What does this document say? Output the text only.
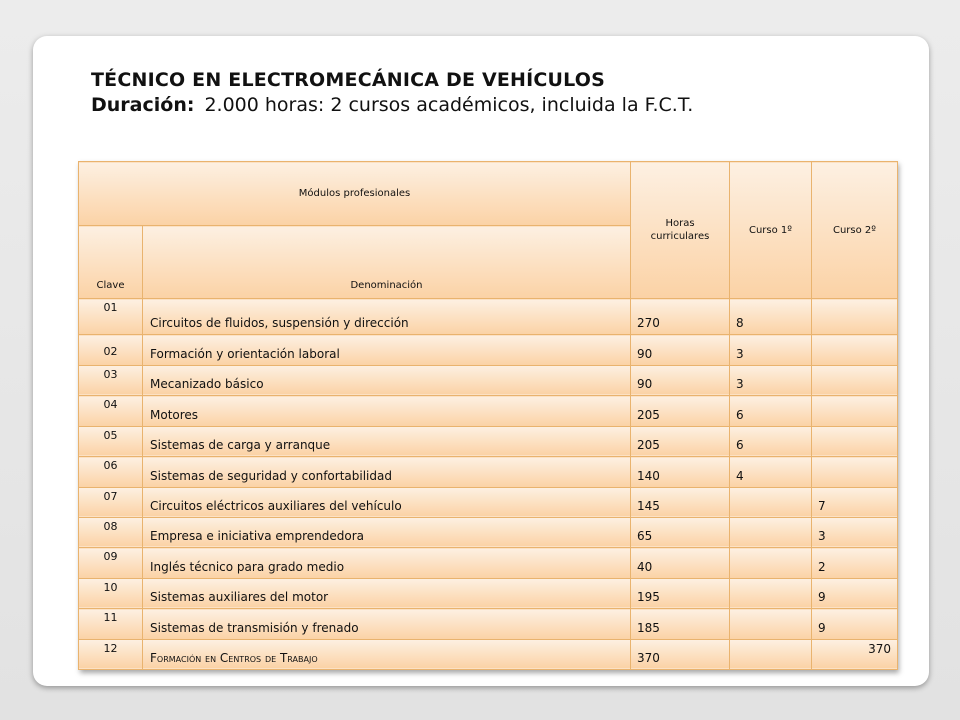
TÉCNICO EN ELECTROMECÁNICA DE VEHÍCULOS
Duración: 2.000 horas: 2 cursos académicos, incluida la F.C.T.
Módulos profesionales		Horas curriculares	Curso 1º	Curso 2º
Clave	Denominación			
01	Circuitos de fluidos, suspensión y dirección	270	8	
02	Formación y orientación laboral	90	3	
03	Mecanizado básico	90	3	
04	Motores	205	6	
05	Sistemas de carga y arranque	205	6	
06	Sistemas de seguridad y confortabilidad	140	4	
07	Circuitos eléctricos auxiliares del vehículo	145		7
08	Empresa e iniciativa emprendedora	65		3
09	Inglés técnico para grado medio	40		2
10	Sistemas auxiliares del motor	195		9
11	Sistemas de transmisión y frenado	185		9
12	Formación en Centros de Trabajo	370		370
